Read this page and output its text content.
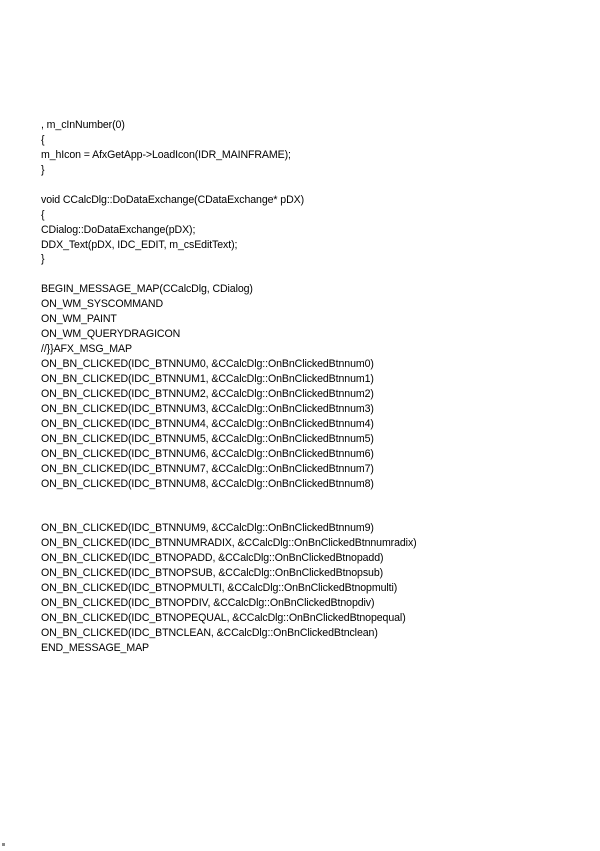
, m_cInNumber(0)
{
m_hIcon = AfxGetApp->LoadIcon(IDR_MAINFRAME);
}
void CCalcDlg::DoDataExchange(CDataExchange* pDX)
{
CDialog::DoDataExchange(pDX);
DDX_Text(pDX, IDC_EDIT, m_csEditText);
}
BEGIN_MESSAGE_MAP(CCalcDlg, CDialog)
ON_WM_SYSCOMMAND
ON_WM_PAINT
ON_WM_QUERYDRAGICON
//}}AFX_MSG_MAP
ON_BN_CLICKED(IDC_BTNNUM0, &CCalcDlg::OnBnClickedBtnnum0)
ON_BN_CLICKED(IDC_BTNNUM1, &CCalcDlg::OnBnClickedBtnnum1)
ON_BN_CLICKED(IDC_BTNNUM2, &CCalcDlg::OnBnClickedBtnnum2)
ON_BN_CLICKED(IDC_BTNNUM3, &CCalcDlg::OnBnClickedBtnnum3)
ON_BN_CLICKED(IDC_BTNNUM4, &CCalcDlg::OnBnClickedBtnnum4)
ON_BN_CLICKED(IDC_BTNNUM5, &CCalcDlg::OnBnClickedBtnnum5)
ON_BN_CLICKED(IDC_BTNNUM6, &CCalcDlg::OnBnClickedBtnnum6)
ON_BN_CLICKED(IDC_BTNNUM7, &CCalcDlg::OnBnClickedBtnnum7)
ON_BN_CLICKED(IDC_BTNNUM8, &CCalcDlg::OnBnClickedBtnnum8)
ON_BN_CLICKED(IDC_BTNNUM9, &CCalcDlg::OnBnClickedBtnnum9)
ON_BN_CLICKED(IDC_BTNNUMRADIX, &CCalcDlg::OnBnClickedBtnnumradix)
ON_BN_CLICKED(IDC_BTNOPADD, &CCalcDlg::OnBnClickedBtnopadd)
ON_BN_CLICKED(IDC_BTNOPSUB, &CCalcDlg::OnBnClickedBtnopsub)
ON_BN_CLICKED(IDC_BTNOPMULTI, &CCalcDlg::OnBnClickedBtnopmulti)
ON_BN_CLICKED(IDC_BTNOPDIV, &CCalcDlg::OnBnClickedBtnopdiv)
ON_BN_CLICKED(IDC_BTNOPEQUAL, &CCalcDlg::OnBnClickedBtnopequal)
ON_BN_CLICKED(IDC_BTNCLEAN, &CCalcDlg::OnBnClickedBtnclean)
END_MESSAGE_MAP
